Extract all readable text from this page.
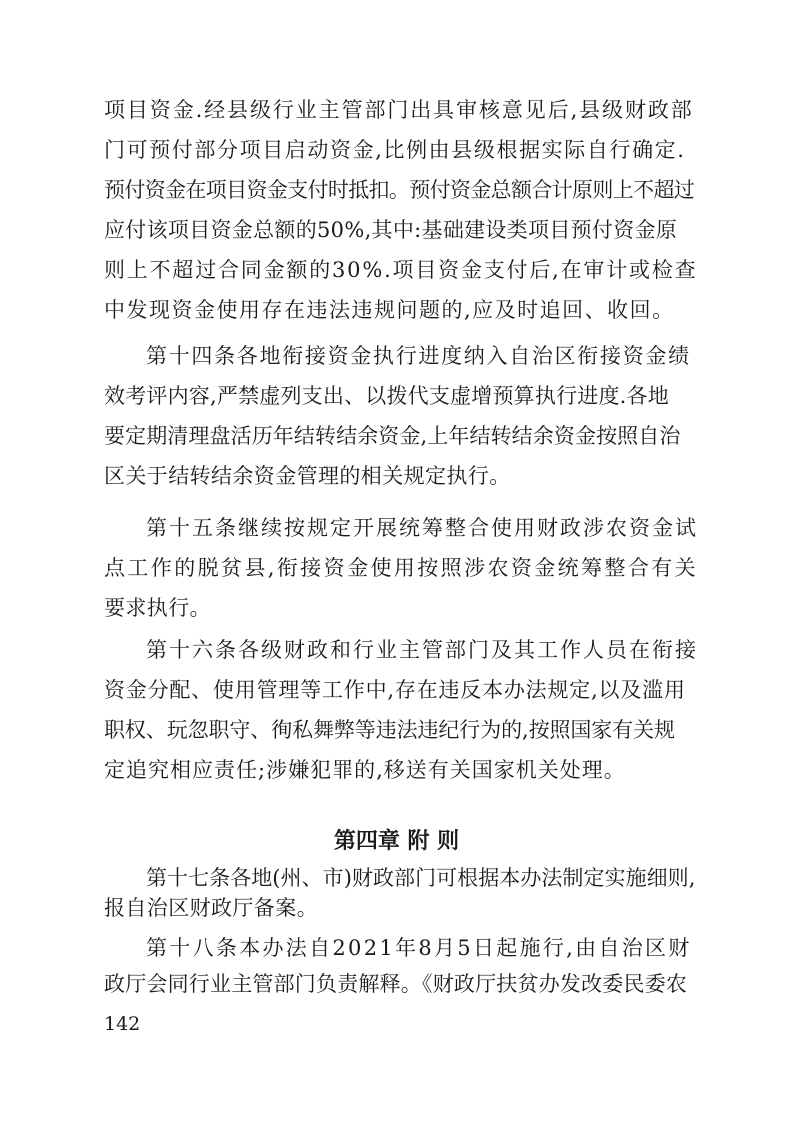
项目资金.经县级行业主管部门出具审核意见后,县级财政部

门可预付部分项目启动资金,比例由县级根据实际自行确定.

预付资金在项目资金支付时抵扣。预付资金总额合计原则上不超过

应付该项目资金总额的50%,其中:基础建设类项目预付资金原

则上不超过合同金额的30%.项目资金支付后,在审计或检查

中发现资金使用存在违法违规问题的,应及时追回、收回。

第十四条各地衔接资金执行进度纳入自治区衔接资金绩

效考评内容,严禁虚列支出、以拨代支虚增预算执行进度.各地

要定期清理盘活历年结转结余资金,上年结转结余资金按照自治

区关于结转结余资金管理的相关规定执行。

第十五条继续按规定开展统筹整合使用财政涉农资金试

点工作的脱贫县,衔接资金使用按照涉农资金统筹整合有关

要求执行。

第十六条各级财政和行业主管部门及其工作人员在衔接

资金分配、使用管理等工作中,存在违反本办法规定,以及滥用

职权、玩忽职守、徇私舞弊等违法违纪行为的,按照国家有关规

定追究相应责任;涉嫌犯罪的,移送有关国家机关处理。

第四章 附 则

第十七条各地(州、市)财政部门可根据本办法制定实施细则,

报自治区财政厅备案。

第十八条本办法自2021年8月5日起施行,由自治区财

政厅会同行业主管部门负责解释。《财政厅扶贫办发改委民委农

142
